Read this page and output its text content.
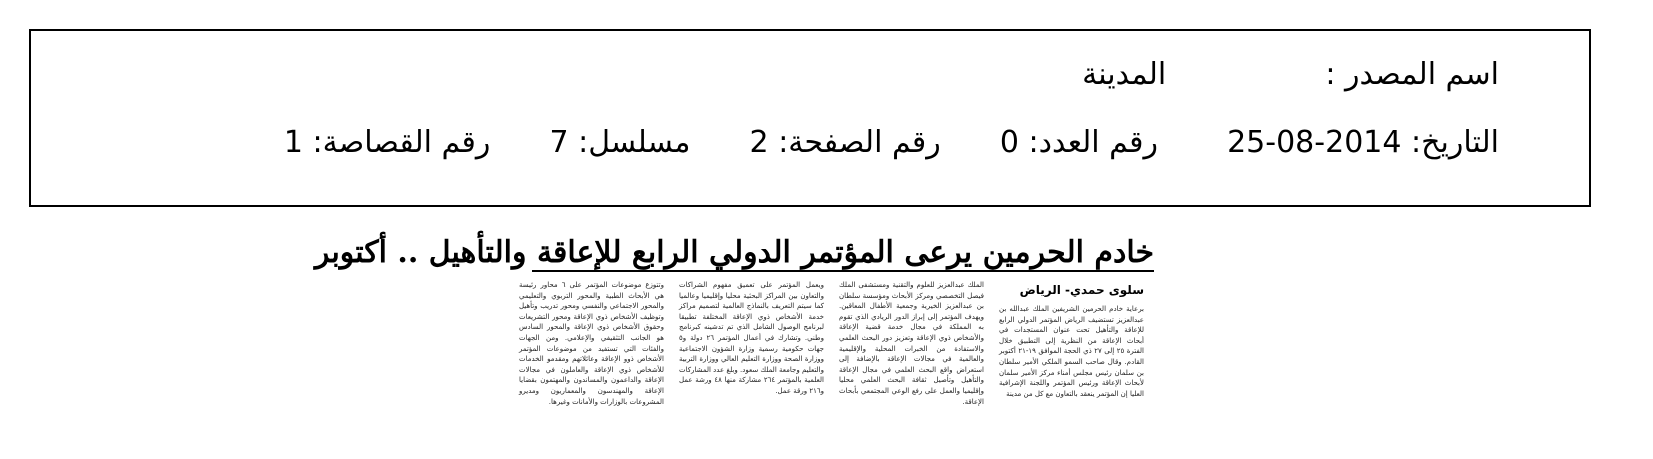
اسم المصدر :  المدينة
التاريخ: 2014-08-25  رقم العدد: 0  رقم الصفحة: 2  مسلسل: 7  رقم القصاصة: 1
خادم الحرمين يرعى المؤتمر الدولي الرابع للإعاقة والتأهيل .. أكتوبر
سلوى حمدي- الرياض

برعاية خادم الحرمين الشريفين الملك عبدالله بن عبدالعزيز تستضيف الرياض المؤتمر الدولي الرابع للإعاقة والتأهيل تحت عنوان المستجدات في أبحاث الإعاقة من النظرية إلى التطبيق خلال الفترة ٢٥ إلى ٢٧ ذي الحجة الموافق ١٩-٢١ أكتوبر القادم. وقال صاحب السمو الملكي الأمير سلطان بن سلمان رئيس مجلس أمناء مركز الأمير سلمان لأبحاث الإعاقة ورئيس المؤتمر واللجنة الإشرافية العليا إن المؤتمر ينعقد بالتعاون مع كل من مدينة

الملك عبدالعزيز للعلوم والتقنية ومستشفى الملك فيصل التخصصي ومركز الأبحاث ومؤسسة سلطان بن عبدالعزيز الخيرية وجمعية الأطفال المعاقين. ويهدف المؤتمر إلى إبراز الدور الريادي الذي تقوم به المملكة في مجال خدمة قضية الإعاقة والأشخاص ذوي الإعاقة وتعزيز دور البحث العلمي والاستفادة من الخبرات المحلية والإقليمية والعالمية في مجالات الإعاقة بالإضافة إلى استعراض واقع البحث العلمي في مجال الإعاقة والتأهيل وتأصيل ثقافة البحث العلمي محليا وإقليميا والعمل على رفع الوعي المجتمعي بأبحاث الإعاقة.

ويعمل المؤتمر على تعميق مفهوم الشراكات والتعاون بين المراكز البحثية محليا وإقليميا وعالميا كما سيتم التعريف بالنماذج العالمية لتصميم مراكز خدمة الأشخاص ذوي الإعاقة المختلفة تطبيقا لبرنامج الوصول الشامل الذي تم تدشينه كبرنامج وطني. وتشارك في أعمال المؤتمر ٢٦ دولة و٥ جهات حكومية رسمية وزارة الشؤون الاجتماعية ووزارة الصحة ووزارة التعليم العالي ووزارة التربية والتعليم وجامعة الملك سعود. وبلغ عدد المشاركات العلمية بالمؤتمر ٢٦٤ مشاركة منها ٤٨ ورشة عمل و٢١٦ ورقة عمل.

وتتوزع موضوعات المؤتمر على ٦ محاور رئيسة هي الأبحاث الطبية والمحور التربوي والتعليمي والمحور الاجتماعي والنفسي ومحور تدريب وتأهيل وتوظيف الأشخاص ذوي الإعاقة ومحور التشريعات وحقوق الأشخاص ذوي الإعاقة والمحور السادس هو الجانب التثقيفي والإعلامي. ومن الجهات والفئات التي تستفيد من موضوعات المؤتمر الأشخاص ذوو الإعاقة وعائلاتهم ومقدمو الخدمات للأشخاص ذوي الإعاقة والعاملون في مجالات الإعاقة والداعمون والمساندون والمهتمون بقضايا الإعاقة والمهندسون والمعماريون ومديرو المشروعات بالوزارات والأمانات وغيرها.
